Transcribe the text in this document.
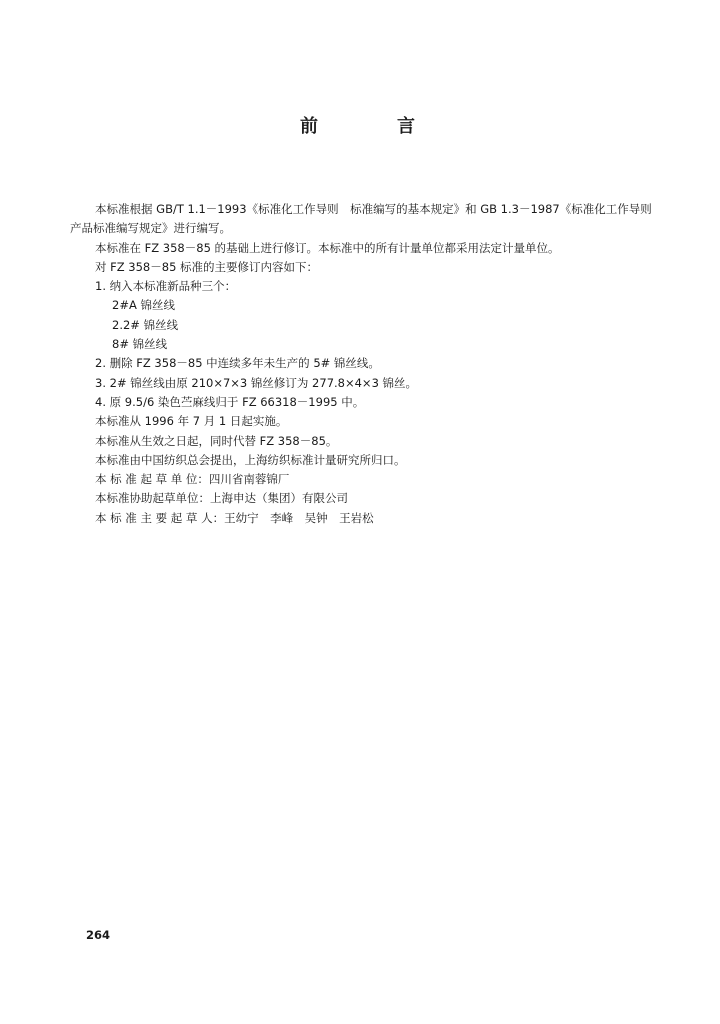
前	言

本标准根据 GB/T 1.1－1993《标准化工作导则　标准编写的基本规定》和 GB 1.3－1987《标准化工作导则　产品标准编写规定》进行编写。

本标准在 FZ 358－85 的基础上进行修订。本标准中的所有计量单位都采用法定计量单位。

对 FZ 358－85 标准的主要修订内容如下：

1. 纳入本标准新品种三个：

2#A 锦丝线

2.2# 锦丝线

8# 锦丝线

2. 删除 FZ 358－85 中连续多年未生产的 5# 锦丝线。

3. 2# 锦丝线由原 210×7×3 锦丝修订为 277.8×4×3 锦丝。

4. 原 9.5/6 染色苎麻线归于 FZ 66318－1995 中。

本标准从 1996 年 7 月 1 日起实施。

本标准从生效之日起，同时代替 FZ 358－85。

本标准由中国纺织总会提出，上海纺织标准计量研究所归口。

本 标 准 起 草 单 位：四川省南蓉锦厂

本标准协助起草单位：上海申达（集团）有限公司

本 标 准 主 要 起 草 人：王幼宁　李峰　吴钟　王岩松

264
